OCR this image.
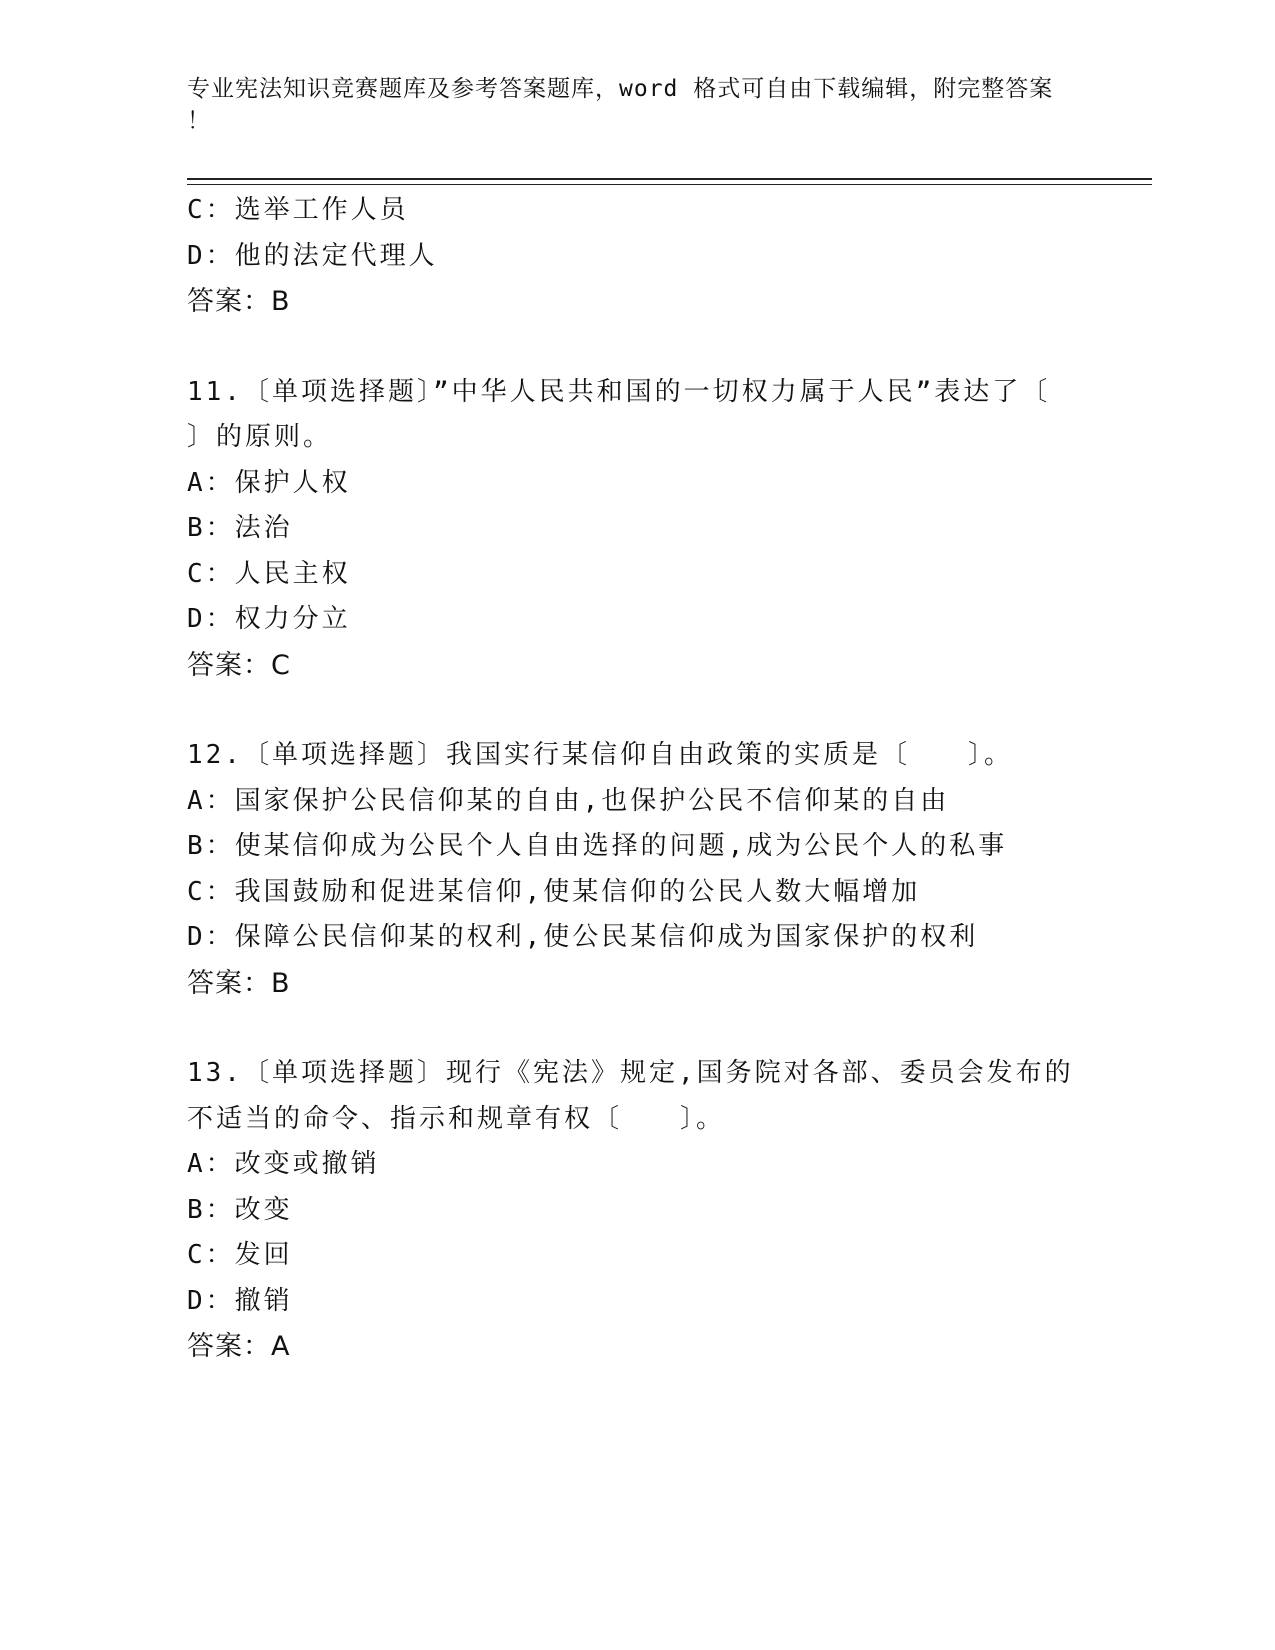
专业宪法知识竞赛题库及参考答案题库，word 格式可自由下载编辑，附完整答案
！
C：选举工作人员
D：他的法定代理人
答案：B
11.〔单项选择题〕”中华人民共和国的一切权力属于人民”表达了〔
〕的原则。
A：保护人权
B：法治
C：人民主权
D：权力分立
答案：C
12.〔单项选择题〕我国实行某信仰自由政策的实质是〔　　〕。
A：国家保护公民信仰某的自由,也保护公民不信仰某的自由
B：使某信仰成为公民个人自由选择的问题,成为公民个人的私事
C：我国鼓励和促进某信仰,使某信仰的公民人数大幅增加
D：保障公民信仰某的权利,使公民某信仰成为国家保护的权利
答案：B
13.〔单项选择题〕现行《宪法》规定,国务院对各部、委员会发布的
不适当的命令、指示和规章有权〔　　〕。
A：改变或撤销
B：改变
C：发回
D：撤销
答案：A
